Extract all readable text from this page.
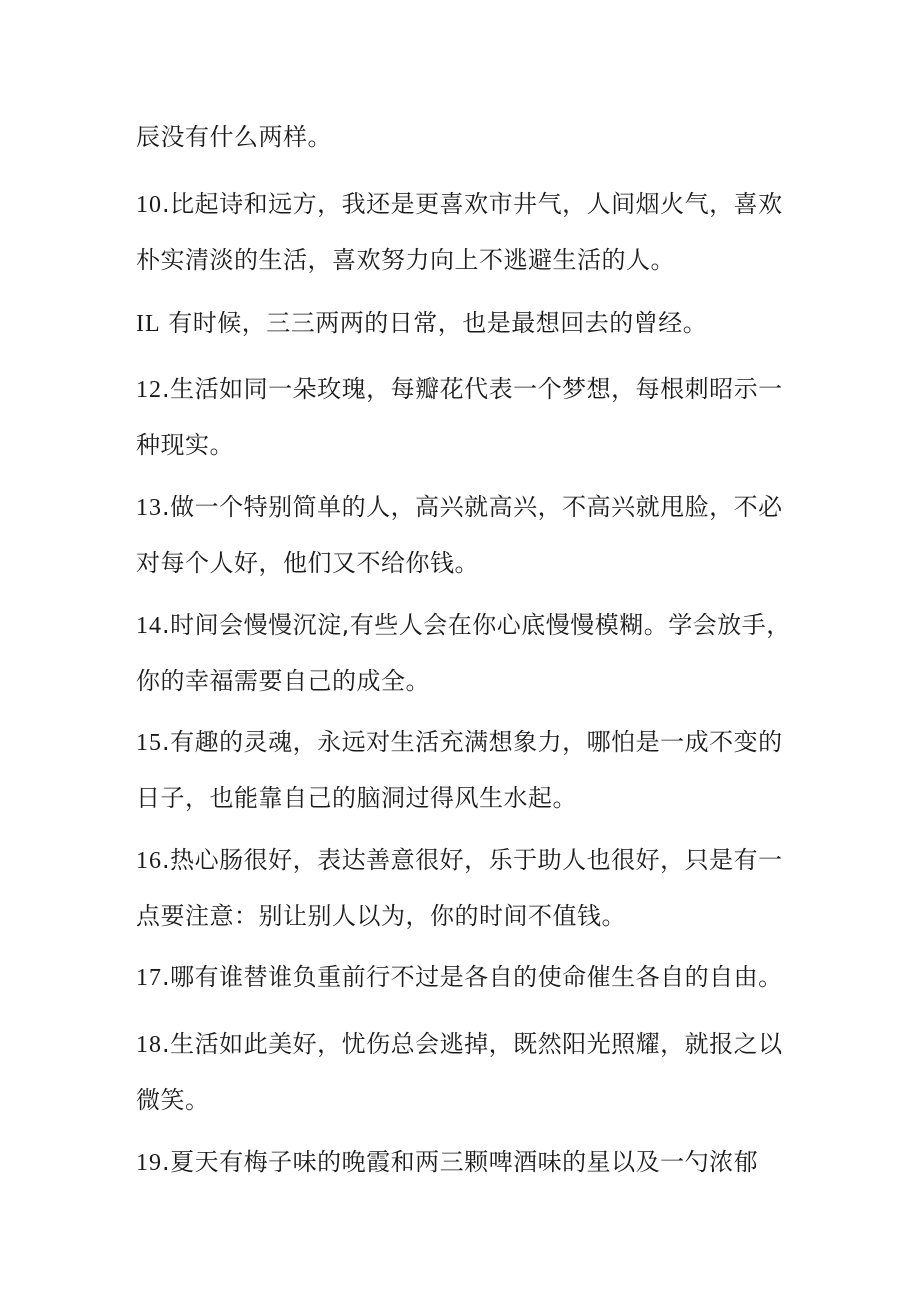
辰没有什么两样。

10.比起诗和远方，我还是更喜欢市井气，人间烟火气，喜欢
朴实清淡的生活，喜欢努力向上不逃避生活的人。

IL 有时候，三三两两的日常，也是最想回去的曾经。

12.生活如同一朵玫瑰，每瓣花代表一个梦想，每根刺昭示一
种现实。

13.做一个特别简单的人，高兴就高兴，不高兴就甩脸，不必
对每个人好，他们又不给你钱。

14.时间会慢慢沉淀,有些人会在你心底慢慢模糊。学会放手，
你的幸福需要自己的成全。

15.有趣的灵魂，永远对生活充满想象力，哪怕是一成不变的
日子，也能靠自己的脑洞过得风生水起。

16.热心肠很好，表达善意很好，乐于助人也很好，只是有一
点要注意：别让别人以为，你的时间不值钱。

17.哪有谁替谁负重前行不过是各自的使命催生各自的自由。

18.生活如此美好，忧伤总会逃掉，既然阳光照耀，就报之以
微笑。

19.夏天有梅子味的晚霞和两三颗啤酒味的星以及一勺浓郁
